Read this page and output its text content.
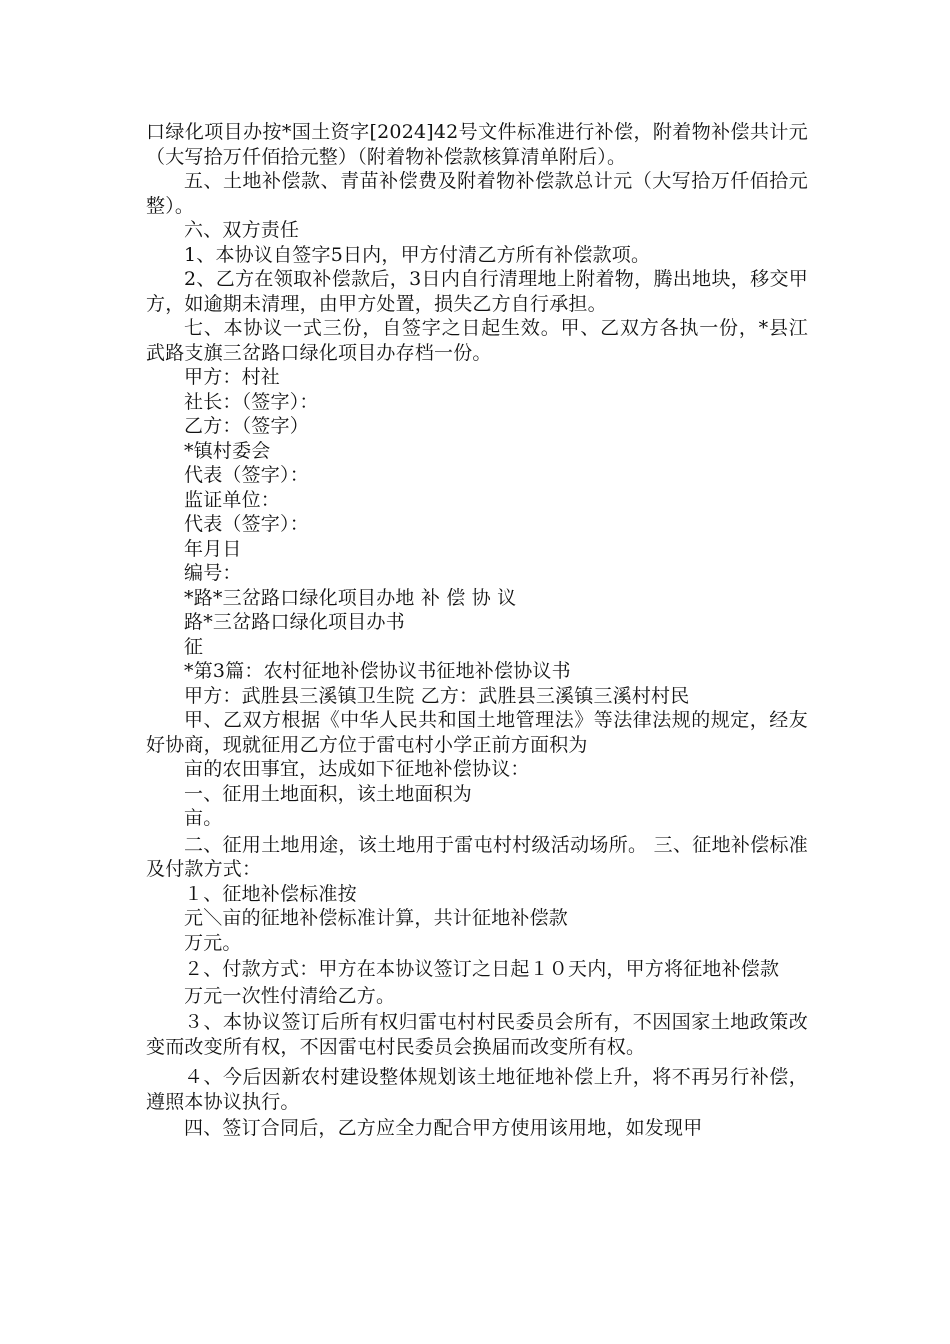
口绿化项目办按*国土资字[2024]42号文件标准进行补偿，附着物补偿共计元（大写拾万仟佰拾元整）（附着物补偿款核算清单附后）。

五、土地补偿款、青苗补偿费及附着物补偿款总计元（大写拾万仟佰拾元整）。

六、双方责任

1、本协议自签字5日内，甲方付清乙方所有补偿款项。

2、乙方在领取补偿款后，3日内自行清理地上附着物，腾出地块，移交甲方，如逾期未清理，由甲方处置，损失乙方自行承担。

七、本协议一式三份，自签字之日起生效。甲、乙双方各执一份，*县江武路支旗三岔路口绿化项目办存档一份。

甲方：村社

社长：（签字）：

乙方：（签字）

*镇村委会

代表（签字）：

监证单位：

代表（签字）：

年月日

编号：

*路*三岔路口绿化项目办地 补 偿 协 议

路*三岔路口绿化项目办书

征

*第3篇：农村征地补偿协议书征地补偿协议书

甲方：武胜县三溪镇卫生院 乙方：武胜县三溪镇三溪村村民

甲、乙双方根据《中华人民共和国土地管理法》等法律法规的规定，经友好协商，现就征用乙方位于雷屯村小学正前方面积为

亩的农田事宜，达成如下征地补偿协议：

一、征用土地面积，该土地面积为

亩。

二、征用土地用途，该土地用于雷屯村村级活动场所。 三、征地补偿标准及付款方式：

１、征地补偿标准按

元＼亩的征地补偿标准计算，共计征地补偿款

万元。

２、付款方式：甲方在本协议签订之日起１０天内，甲方将征地补偿款

万元一次性付清给乙方。

３、本协议签订后所有权归雷屯村村民委员会所有，不因国家土地政策改变而改变所有权，不因雷屯村民委员会换届而改变所有权。

４、今后因新农村建设整体规划该土地征地补偿上升，将不再另行补偿，遵照本协议执行。

四、签订合同后，乙方应全力配合甲方使用该用地，如发现甲
